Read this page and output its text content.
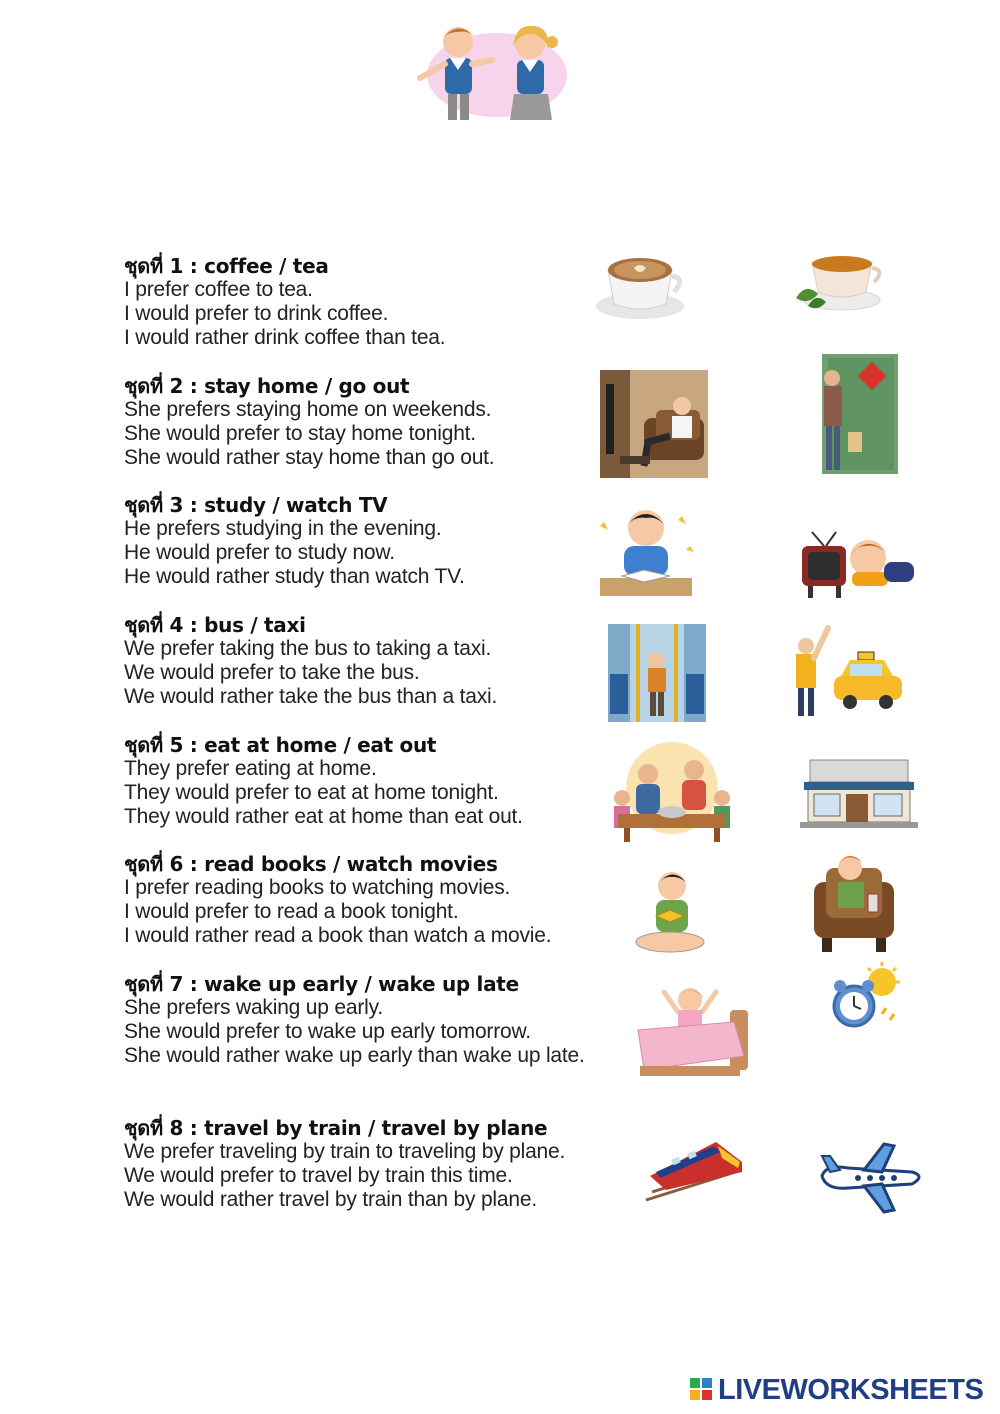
ชุดที่ 1 : coffee / tea
I prefer coffee to tea.
I would prefer to drink coffee.
I would rather drink coffee than tea.
ชุดที่ 2 : stay home / go out
She prefers staying home on weekends.
She would prefer to stay home tonight.
She would rather stay home than go out.
ชุดที่ 3 : study / watch TV
He prefers studying in the evening.
He would prefer to study now.
He would rather study than watch TV.
ชุดที่ 4 : bus / taxi
We prefer taking the bus to taking a taxi.
We would prefer to take the bus.
We would rather take the bus than a taxi.
ชุดที่ 5 : eat at home / eat out
They prefer eating at home.
They would prefer to eat at home tonight.
They would rather eat at home than eat out.
ชุดที่ 6 : read books / watch movies
I prefer reading books to watching movies.
I would prefer to read a book tonight.
I would rather read a book than watch a movie.
ชุดที่ 7 : wake up early / wake up late
She prefers waking up early.
She would prefer to wake up early tomorrow.
She would rather wake up early than wake up late.
ชุดที่ 8 : travel by train / travel by plane
We prefer traveling by train to traveling by plane.
We would prefer to travel by train this time.
We would rather travel by train than by plane.
LIVEWORKSHEETS
